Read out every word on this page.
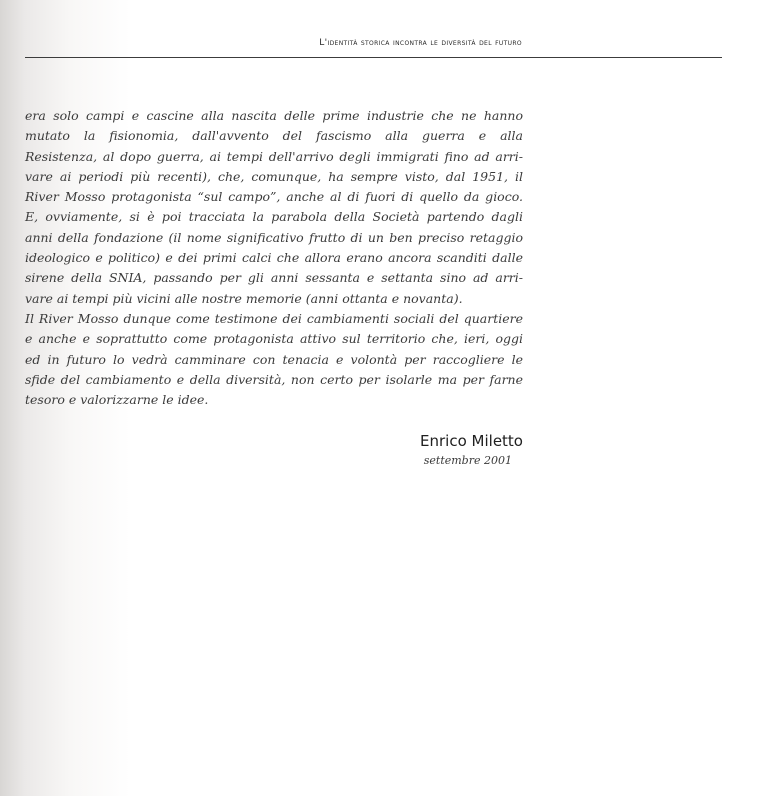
L'identità storica incontra le diversità del futuro
era solo campi e cascine alla nascita delle prime industrie che ne hanno
mutato la fisionomia, dall'avvento del fascismo alla guerra e alla
Resistenza, al dopo guerra, ai tempi dell'arrivo degli immigrati fino ad arri-
vare ai periodi più recenti), che, comunque, ha sempre visto, dal 1951, il
River Mosso protagonista “sul campo”, anche al di fuori di quello da gioco.
E, ovviamente, si è poi tracciata la parabola della Società partendo dagli
anni della fondazione (il nome significativo frutto di un ben preciso retaggio
ideologico e politico) e dei primi calci che allora erano ancora scanditi dalle
sirene della SNIA, passando per gli anni sessanta e settanta sino ad arri-
vare ai tempi più vicini alle nostre memorie (anni ottanta e novanta).
Il River Mosso dunque come testimone dei cambiamenti sociali del quartiere
e anche e soprattutto come protagonista attivo sul territorio che, ieri, oggi
ed in futuro lo vedrà camminare con tenacia e volontà per raccogliere le
sfide del cambiamento e della diversità, non certo per isolarle ma per farne
tesoro e valorizzarne le idee.
Enrico Miletto
settembre 2001
